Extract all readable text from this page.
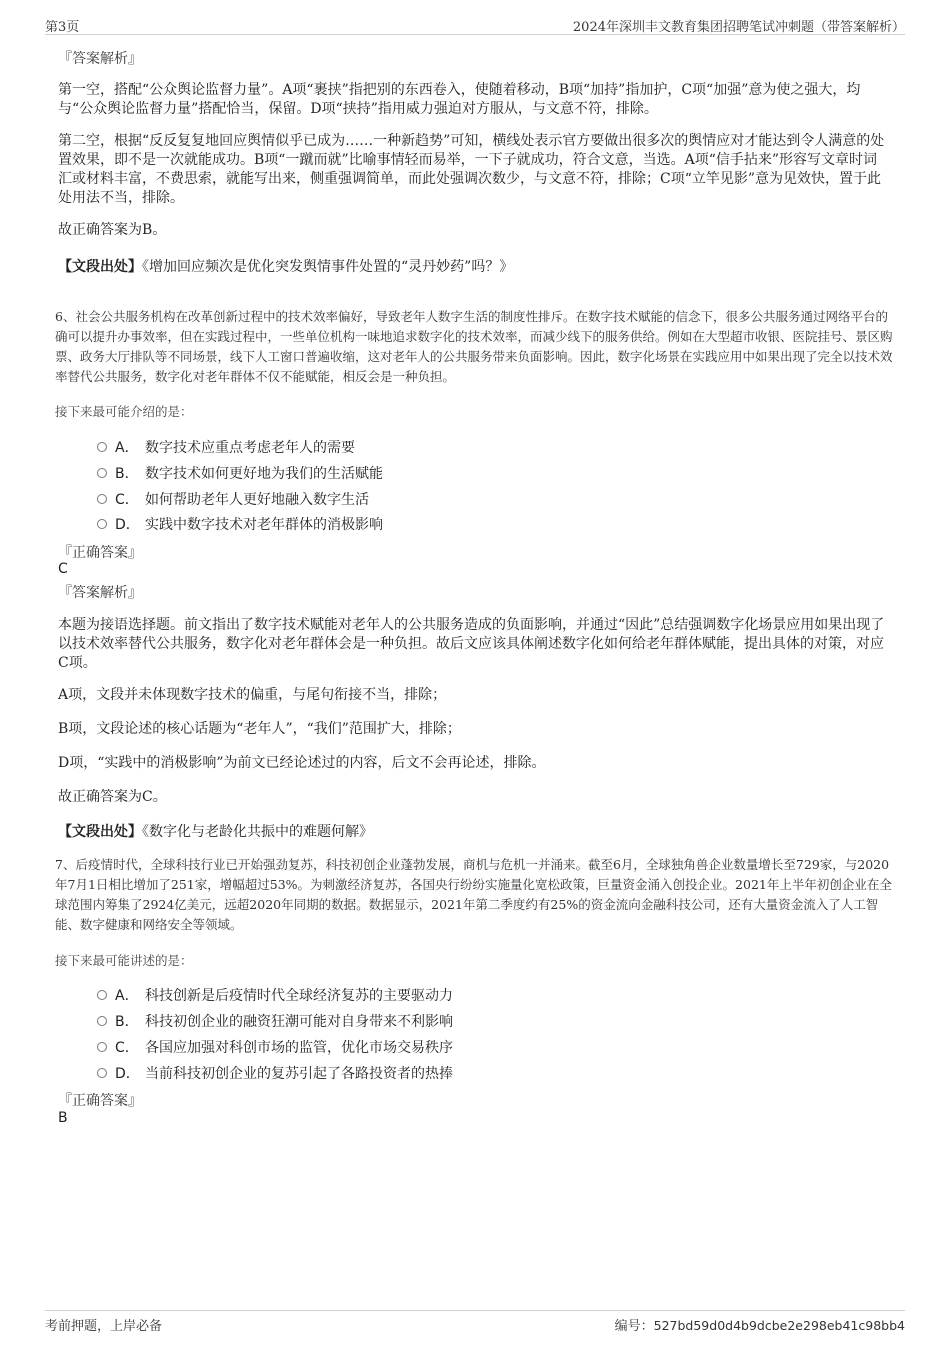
第3页	2024年深圳丰文教育集团招聘笔试冲刺题（带答案解析）
『答案解析』
第一空，搭配“公众舆论监督力量”。A项“裹挟”指把别的东西卷入，使随着移动，B项“加持”指加护，C项“加强”意为使之强大，均与“公众舆论监督力量”搭配恰当，保留。D项“挟持”指用威力强迫对方服从，与文意不符，排除。
第二空，根据“反反复复地回应舆情似乎已成为……一种新趋势”可知，横线处表示官方要做出很多次的舆情应对才能达到令人满意的处置效果，即不是一次就能成功。B项“一蹴而就”比喻事情轻而易举，一下子就成功，符合文意，当选。A项“信手拈来”形容写文章时词汇或材料丰富，不费思索，就能写出来，侧重强调简单，而此处强调次数少，与文意不符，排除；C项“立竿见影”意为见效快，置于此处用法不当，排除。
故正确答案为B。
【文段出处】《增加回应频次是优化突发舆情事件处置的“灵丹妙药”吗？》
6、社会公共服务机构在改革创新过程中的技术效率偏好，导致老年人数字生活的制度性排斥。在数字技术赋能的信念下，很多公共服务通过网络平台的确可以提升办事效率，但在实践过程中，一些单位机构一味地追求数字化的技术效率，而减少线下的服务供给。例如在大型超市收银、医院挂号、景区购票、政务大厅排队等不同场景，线下人工窗口普遍收缩，这对老年人的公共服务带来负面影响。因此，数字化场景在实践应用中如果出现了完全以技术效率替代公共服务，数字化对老年群体不仅不能赋能，相反会是一种负担。
接下来最可能介绍的是：
A． 数字技术应重点考虑老年人的需要
B． 数字技术如何更好地为我们的生活赋能
C． 如何帮助老年人更好地融入数字生活
D． 实践中数字技术对老年群体的消极影响
『正确答案』
C
『答案解析』
本题为接语选择题。前文指出了数字技术赋能对老年人的公共服务造成的负面影响，并通过“因此”总结强调数字化场景应用如果出现了以技术效率替代公共服务，数字化对老年群体会是一种负担。故后文应该具体阐述数字化如何给老年群体赋能，提出具体的对策，对应C项。
A项，文段并未体现数字技术的偏重，与尾句衔接不当，排除；
B项，文段论述的核心话题为“老年人”，“我们”范围扩大，排除；
D项，“实践中的消极影响”为前文已经论述过的内容，后文不会再论述，排除。
故正确答案为C。
【文段出处】《数字化与老龄化共振中的难题何解》
7、后疫情时代，全球科技行业已开始强劲复苏，科技初创企业蓬勃发展，商机与危机一并涌来。截至6月，全球独角兽企业数量增长至729家，与2020年7月1日相比增加了251家，增幅超过53%。为刺激经济复苏，各国央行纷纷实施量化宽松政策，巨量资金涌入创投企业。2021年上半年初创企业在全球范围内筹集了2924亿美元，远超2020年同期的数据。数据显示，2021年第二季度约有25%的资金流向金融科技公司，还有大量资金流入了人工智能、数字健康和网络安全等领域。
接下来最可能讲述的是：
A． 科技创新是后疫情时代全球经济复苏的主要驱动力
B． 科技初创企业的融资狂潮可能对自身带来不利影响
C． 各国应加强对科创市场的监管，优化市场交易秩序
D． 当前科技初创企业的复苏引起了各路投资者的热捧
『正确答案』
B
考前押题，上岸必备	编号：527bd59d0d4b9dcbe2e298eb41c98bb4
